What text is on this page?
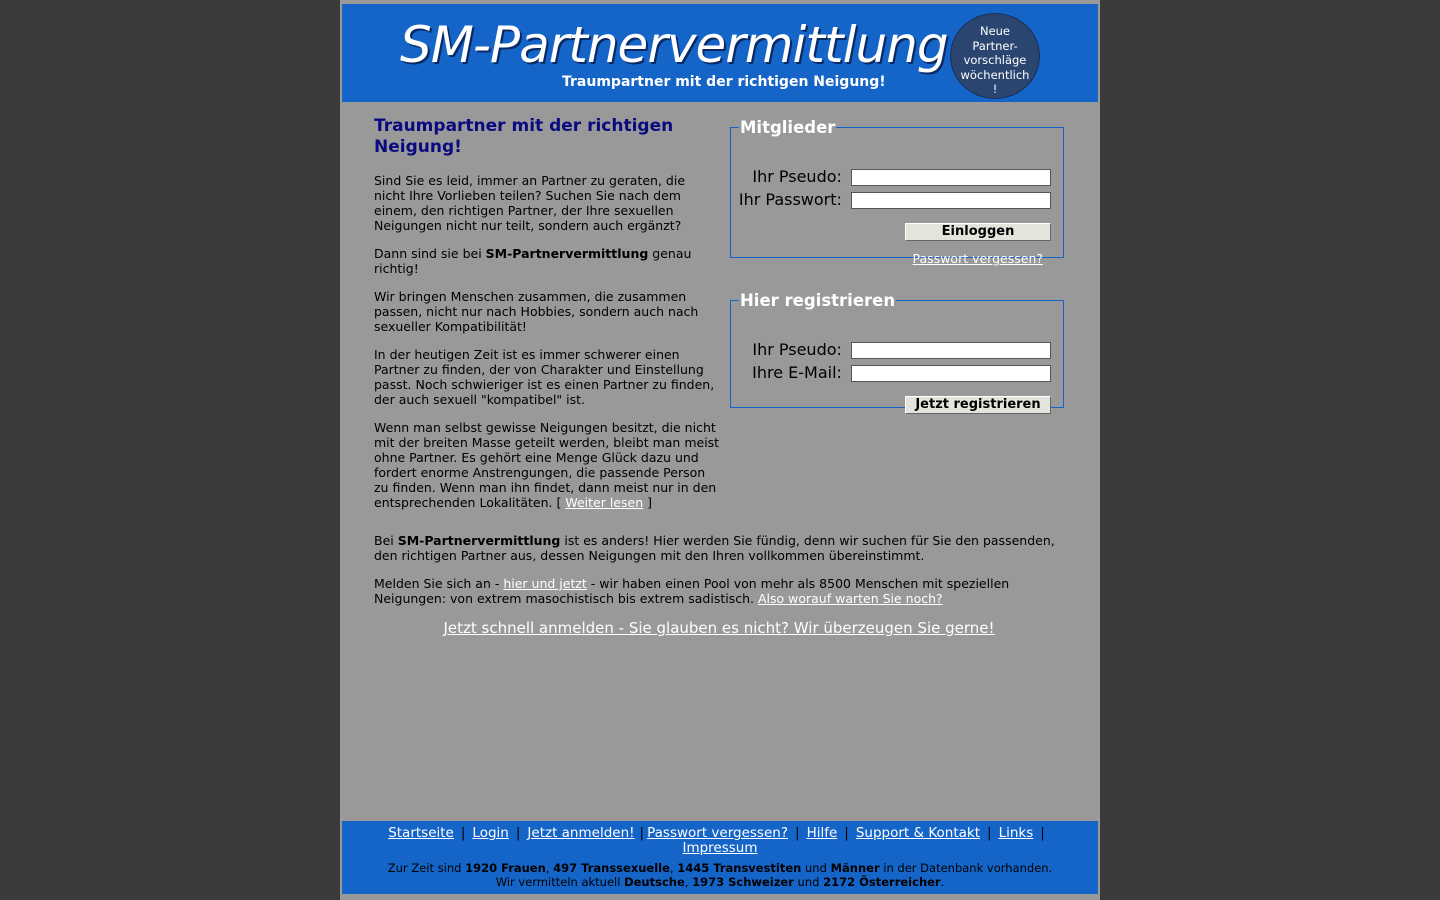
SM-Partnervermittlung
Traumpartner mit der richtigen Neigung!
Neue
Partner-
vorschläge
wöchentlich
!
Traumpartner mit der richtigen Neigung!

Sind Sie es leid, immer an Partner zu geraten, die nicht Ihre Vorlieben teilen? Suchen Sie nach dem einem, den richtigen Partner, der Ihre sexuellen Neigungen nicht nur teilt, sondern auch ergänzt?

Dann sind sie bei SM-Partnervermittlung genau richtig!

Wir bringen Menschen zusammen, die zusammen passen, nicht nur nach Hobbies, sondern auch nach sexueller Kompatibilität!

In der heutigen Zeit ist es immer schwerer einen Partner zu finden, der von Charakter und Einstellung passt. Noch schwieriger ist es einen Partner zu finden, der auch sexuell "kompatibel" ist.

Wenn man selbst gewisse Neigungen besitzt, die nicht mit der breiten Masse geteilt werden, bleibt man meist ohne Partner. Es gehört eine Menge Glück dazu und fordert enorme Anstrengungen, die passende Person zu finden. Wenn man ihn findet, dann meist nur in den entsprechenden Lokalitäten. [ Weiter lesen ]

Mitglieder
Ihr Pseudo:
Ihr Passwort:
Einloggen
Passwort vergessen?
Hier registrieren
Ihr Pseudo:
Ihre E-Mail:
Jetzt registrieren

Bei SM-Partnervermittlung ist es anders! Hier werden Sie fündig, denn wir suchen für Sie den passenden, den richtigen Partner aus, dessen Neigungen mit den Ihren vollkommen übereinstimmt.

Melden Sie sich an - hier und jetzt - wir haben einen Pool von mehr als 8500 Menschen mit speziellen Neigungen: von extrem masochistisch bis extrem sadistisch. Also worauf warten Sie noch?

Jetzt schnell anmelden - Sie glauben es nicht? Wir überzeugen Sie gerne!
Startseite | Login | Jetzt anmelden! | Passwort vergessen? | Hilfe | Support & Kontakt | Links |
Impressum
Zur Zeit sind 1920 Frauen, 497 Transsexuelle, 1445 Transvestiten und Männer in der Datenbank vorhanden.
Wir vermitteln aktuell Deutsche, 1973 Schweizer und 2172 Österreicher.
